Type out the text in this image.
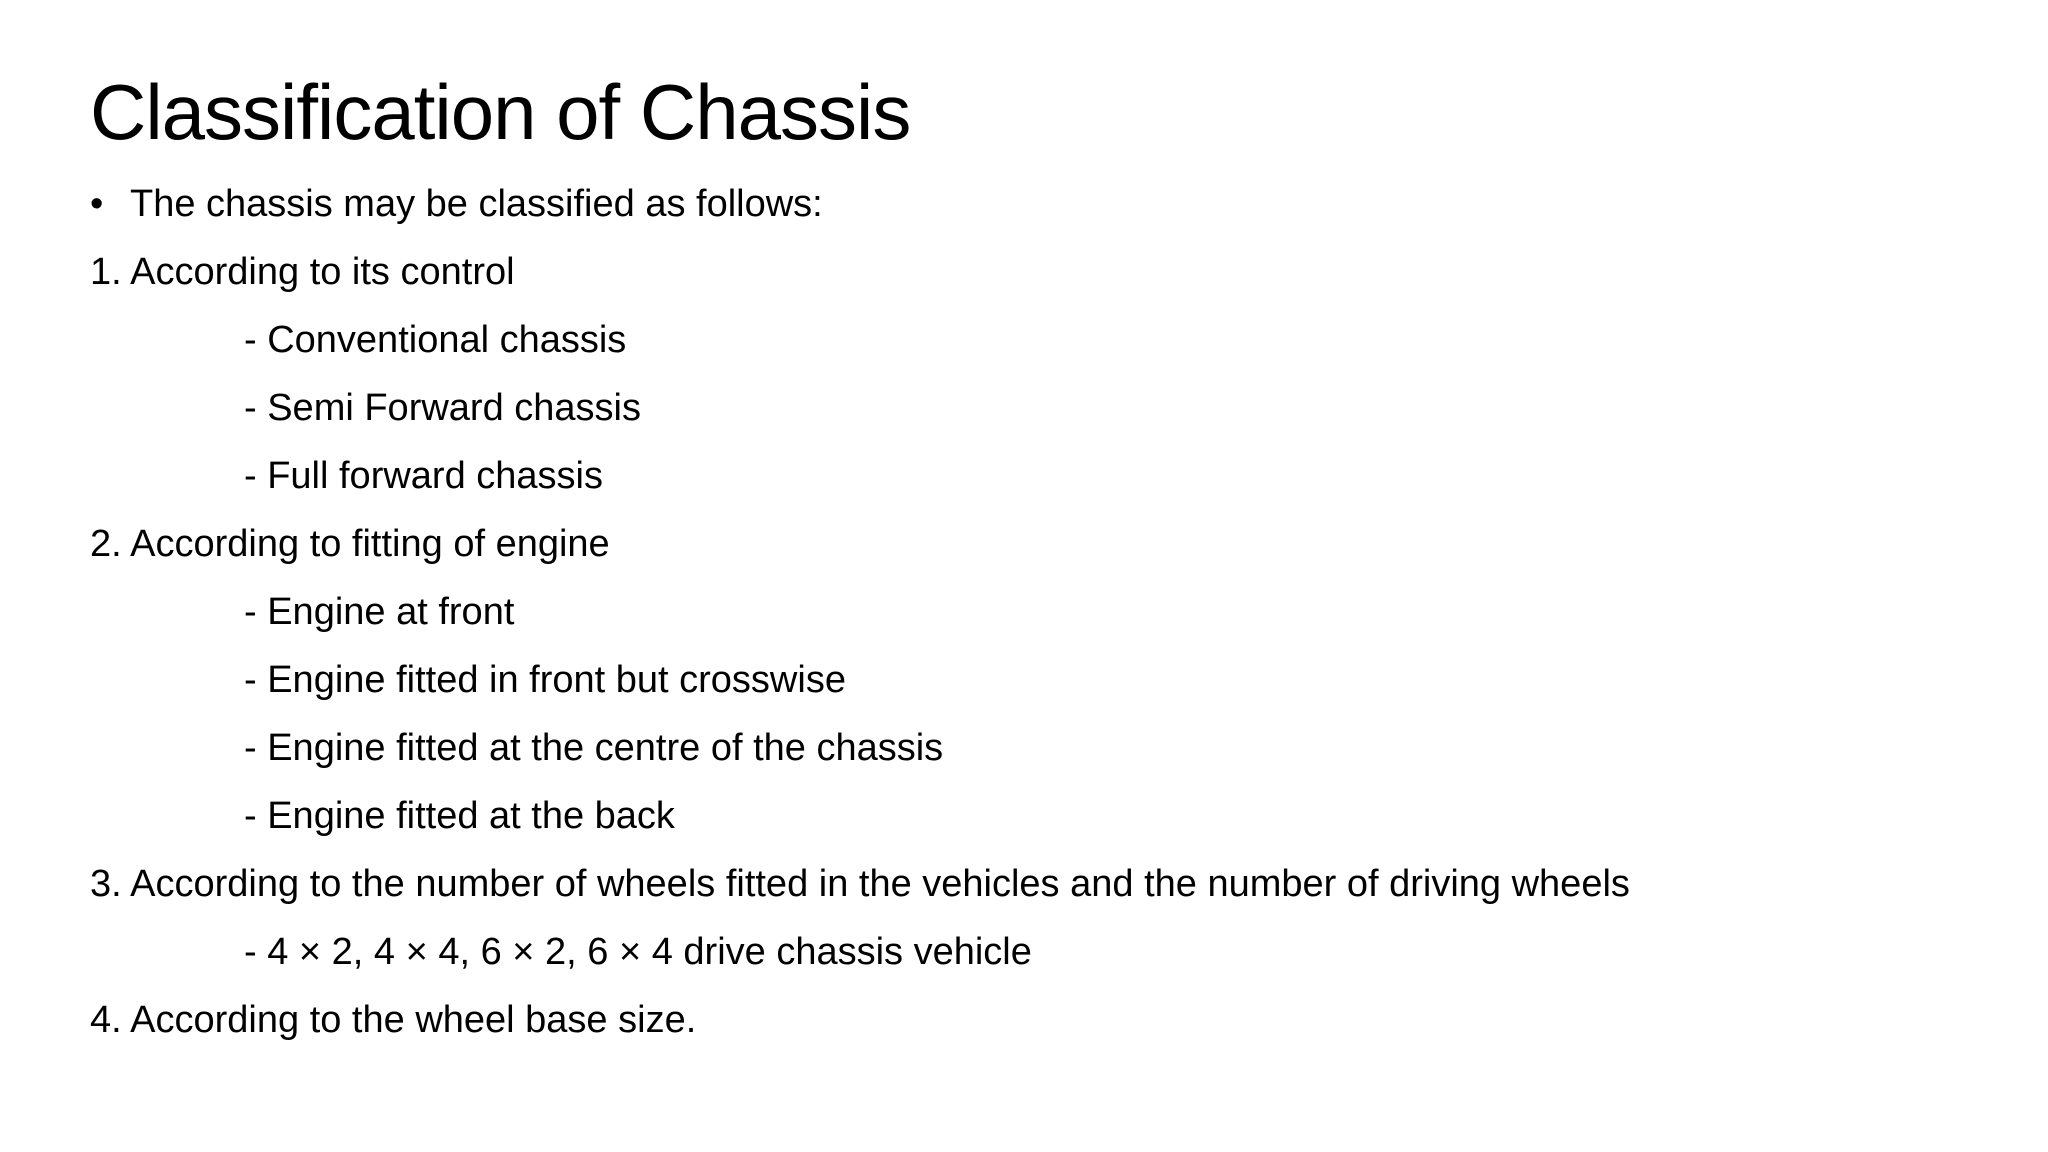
Classification of Chassis
• The chassis may be classified as follows:
1. According to its control
- Conventional chassis
- Semi Forward chassis
- Full forward chassis
2. According to fitting of engine
- Engine at front
- Engine fitted in front but crosswise
- Engine fitted at the centre of the chassis
- Engine fitted at the back
3. According to the number of wheels fitted in the vehicles and the number of driving wheels
- 4 × 2, 4 × 4, 6 × 2, 6 × 4 drive chassis vehicle
4. According to the wheel base size.
